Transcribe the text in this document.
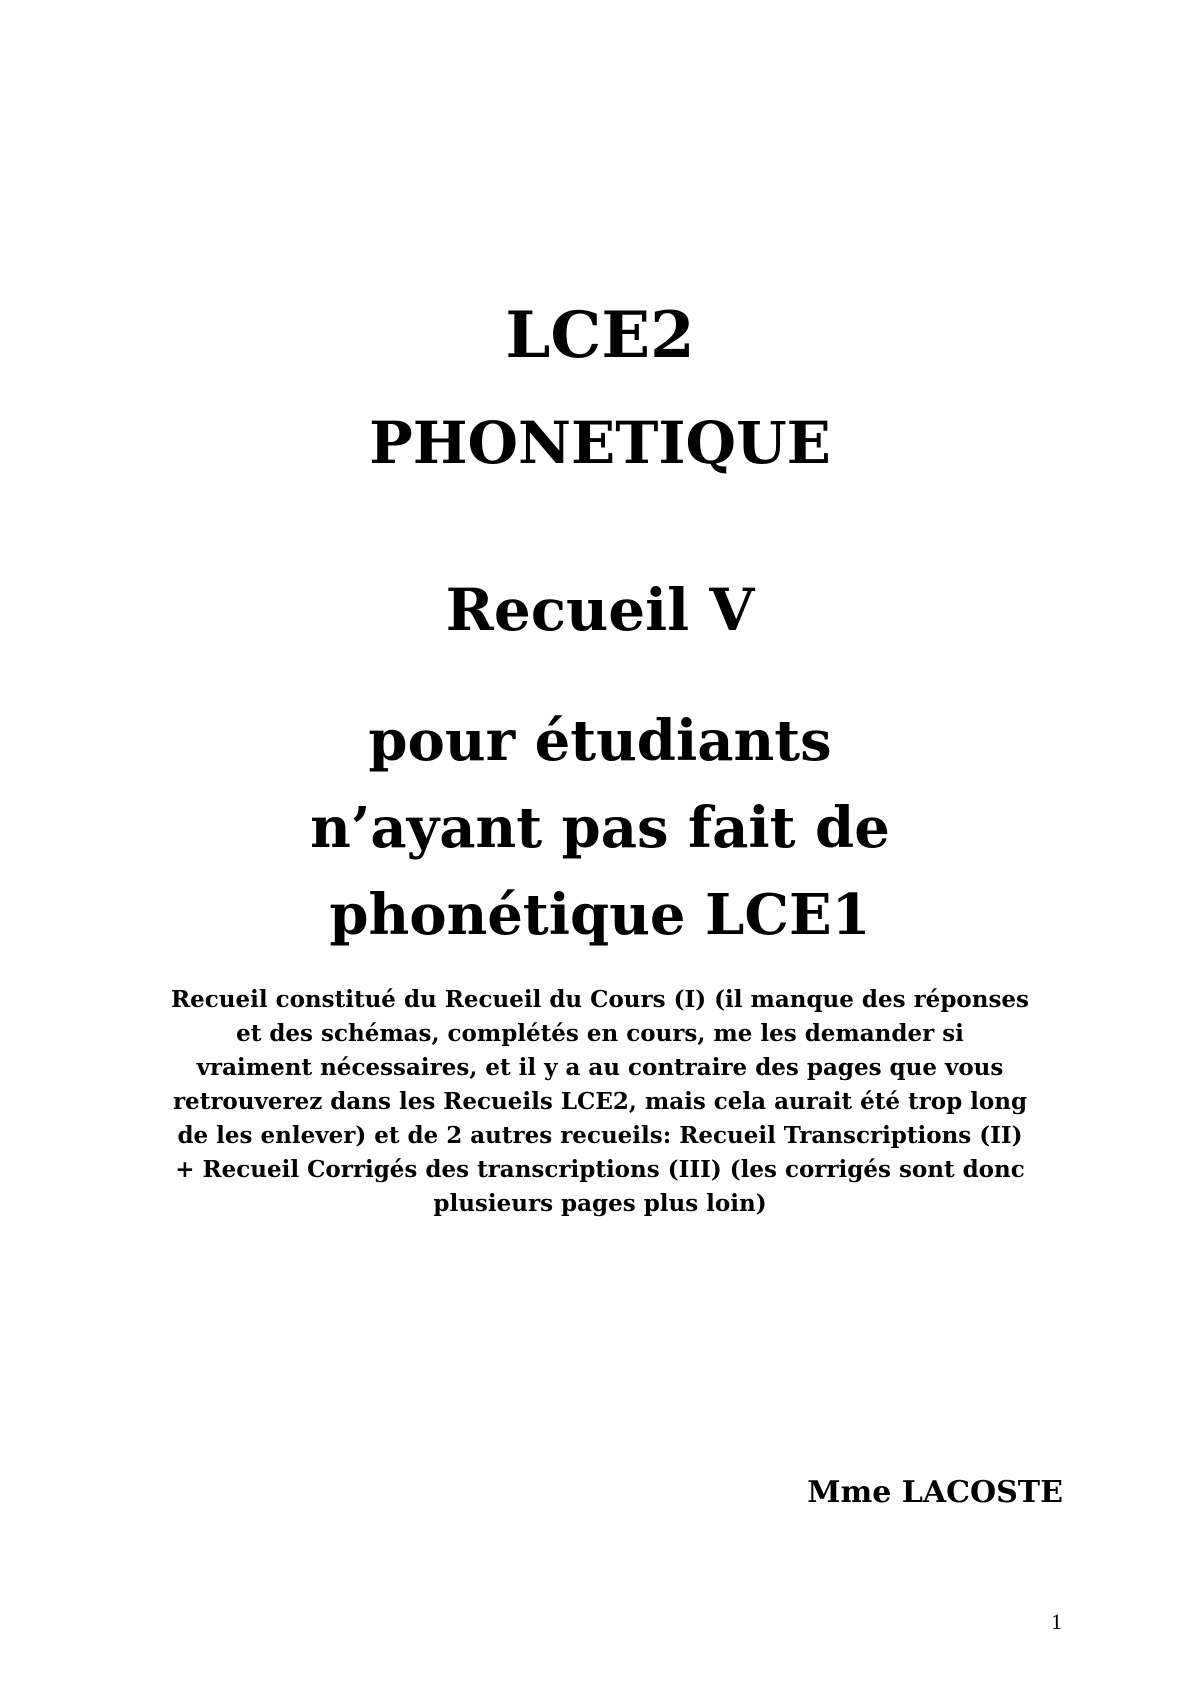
LCE2
PHONETIQUE
Recueil V
pour étudiants
n’ayant pas fait de
phonétique LCE1
Recueil constitué du Recueil du Cours (I) (il manque des réponses
et des schémas, complétés en cours, me les demander si
vraiment nécessaires, et il y a au contraire des pages que vous
retrouverez dans les Recueils LCE2, mais cela aurait été trop long
de les enlever) et de 2 autres recueils: Recueil Transcriptions (II)
+ Recueil Corrigés des transcriptions (III) (les corrigés sont donc
plusieurs pages plus loin)
Mme LACOSTE
1
